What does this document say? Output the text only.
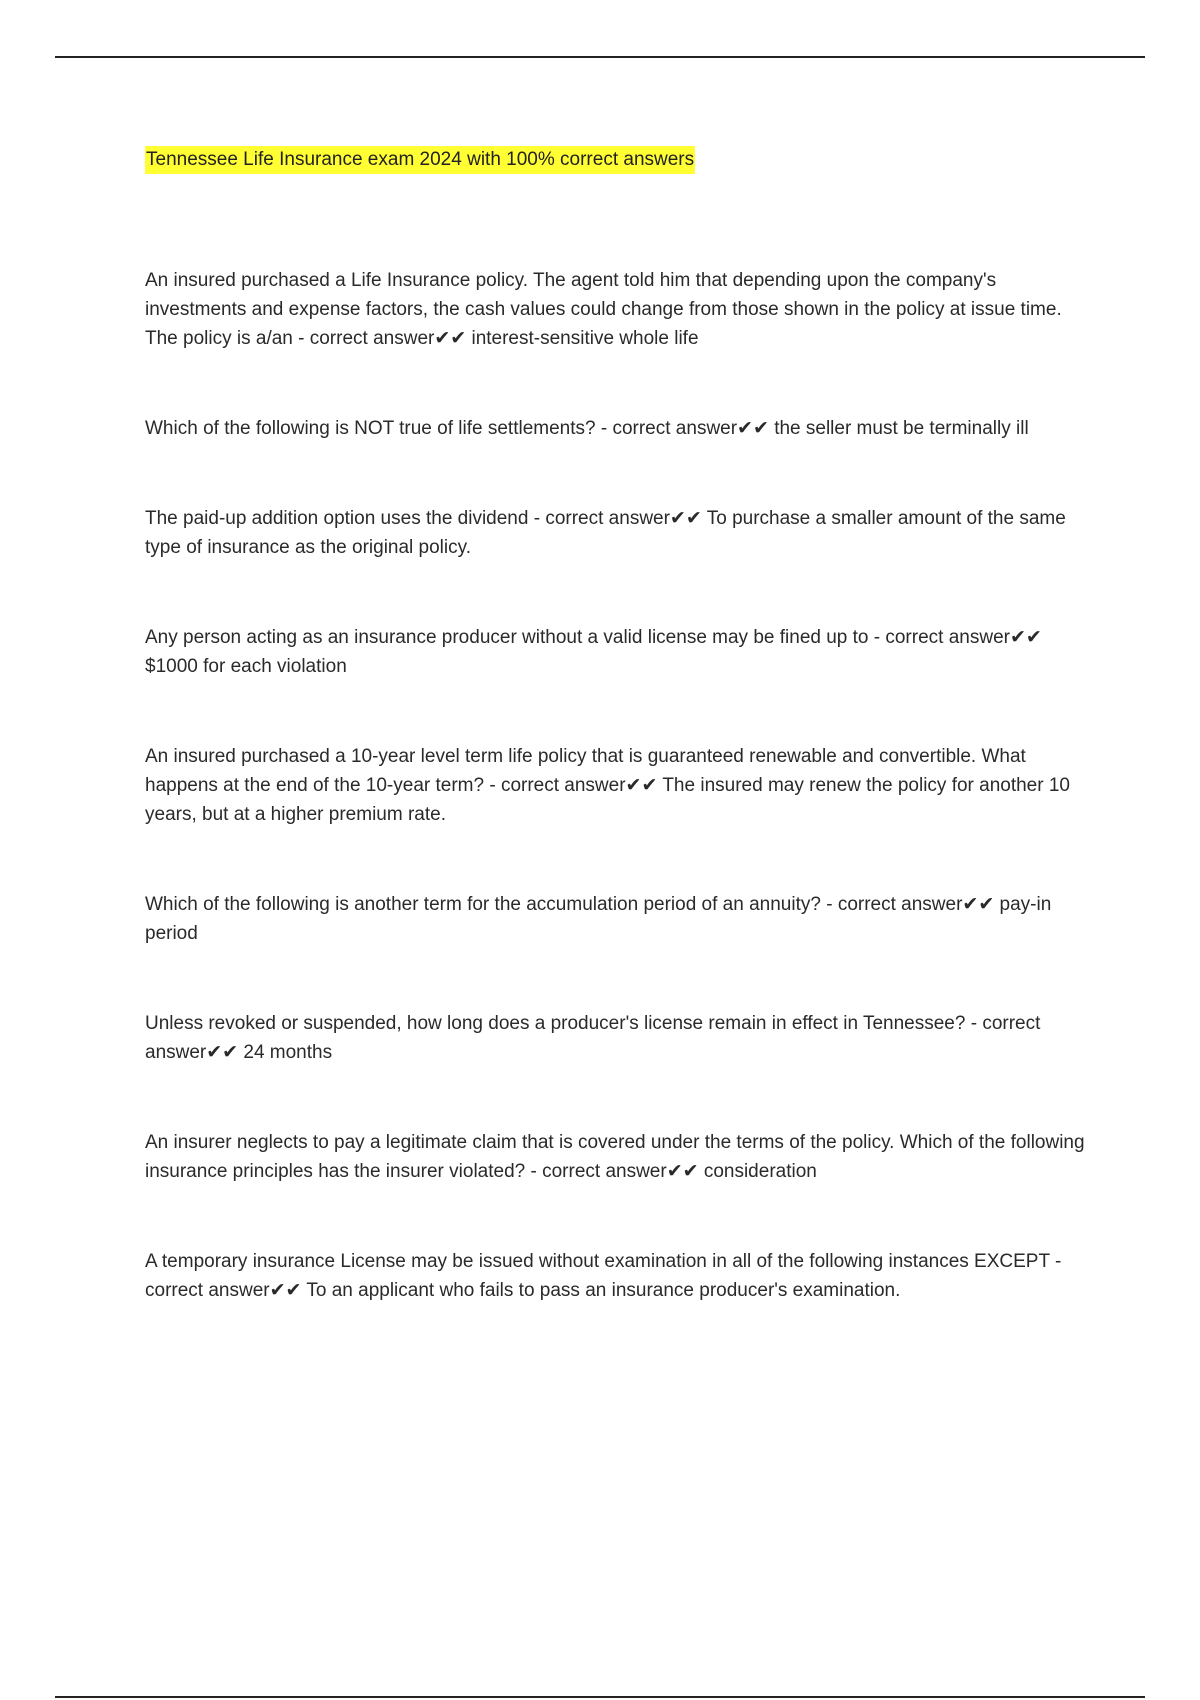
Tennessee Life Insurance exam 2024 with 100% correct answers

An insured purchased a Life Insurance policy. The agent told him that depending upon the company's investments and expense factors, the cash values could change from those shown in the policy at issue time. The policy is a/an - correct answer✔✔ interest-sensitive whole life

Which of the following is NOT true of life settlements? - correct answer✔✔ the seller must be terminally ill

The paid-up addition option uses the dividend - correct answer✔✔ To purchase a smaller amount of the same type of insurance as the original policy.

Any person acting as an insurance producer without a valid license may be fined up to - correct answer✔✔ $1000 for each violation

An insured purchased a 10-year level term life policy that is guaranteed renewable and convertible. What happens at the end of the 10-year term? - correct answer✔✔ The insured may renew the policy for another 10 years, but at a higher premium rate.

Which of the following is another term for the accumulation period of an annuity? - correct answer✔✔ pay-in period

Unless revoked or suspended, how long does a producer's license remain in effect in Tennessee? - correct answer✔✔ 24 months

An insurer neglects to pay a legitimate claim that is covered under the terms of the policy. Which of the following insurance principles has the insurer violated? - correct answer✔✔ consideration

A temporary insurance License may be issued without examination in all of the following instances EXCEPT - correct answer✔✔ To an applicant who fails to pass an insurance producer's examination.
